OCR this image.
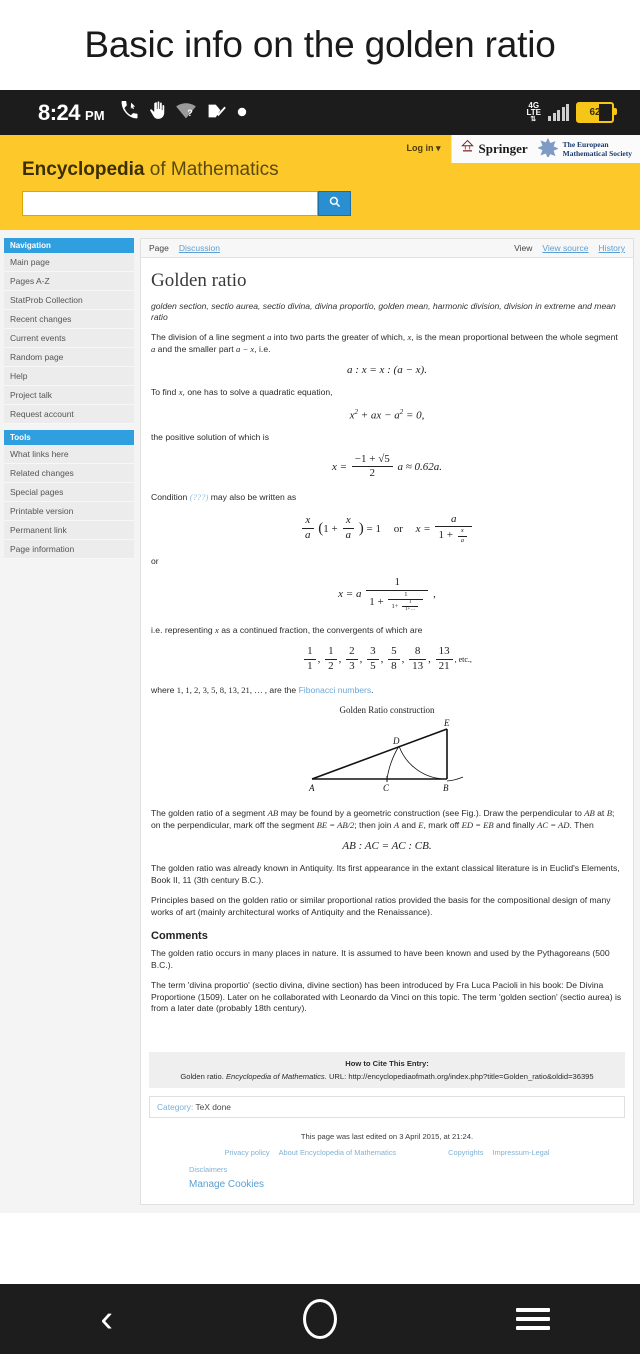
Basic info on the golden ratio
8:24 PM	?
4G
LTE
⇅
62
Log in ▾	Springer	The European
Mathematical Society
Encyclopedia of Mathematics
Navigation
Main page
Pages A-Z
StatProb Collection
Recent changes
Current events
Random page
Help
Project talk
Request account
Tools
What links here
Related changes
Special pages
Printable version
Permanent link
Page information
Page Discussion	View View source History
Golden ratio
golden section, sectio aurea, sectio divina, divina proportio, golden mean, harmonic division, division in extreme and mean ratio
The division of a line segment a into two parts the greater of which, x, is the mean proportional between the whole segment a and the smaller part a − x, i.e.
a : x = x : (a − x).
To find x, one has to solve a quadratic equation,
$x^2$ + ax − $a^2 = 0$,
the positive solution of which is
$x = \frac{-1 + √5}{2}$ a ≈ 0.62a.
Condition (???) may also be written as
$\frac{x}{a} (1 + \frac{x}{a}$ ) = 1 or $x = \frac{a}{1 + \frac{x}{a}}$
or
x = a
1
1 +
1
$1+ \frac{1}{1+\dots}$
,
i.e. representing x as a continued fraction, the convergents of which are
$\frac{1}{1}$ , $\frac{1}{2}$ , $\frac{2}{3}$ , $\frac{3}{5}$ , $\frac{5}{8}$ , $\frac{8}{13}$ , $\frac{13}{21}$ , etc.,
where 1, 1, 2, 3, 5, 8, 13, 21, … , are the Fibonacci numbers.
Golden Ratio construction
A	C	B
D
E
The golden ratio of a segment AB may be found by a geometric construction (see Fig.). Draw the perpendicular to AB at B; on the perpendicular, mark off the segment BE = AB/2; then join A and E, mark off ED = EB and finally AC = AD. Then
AB : AC = AC : CB.
The golden ratio was already known in Antiquity. Its first appearance in the extant classical literature is in Euclid's Elements, Book II, 11 (3th century B.C.).
Principles based on the golden ratio or similar proportional ratios provided the basis for the compositional design of many works of art (mainly architectural works of Antiquity and the Renaissance).
Comments
The golden ratio occurs in many places in nature. It is assumed to have been known and used by the Pythagoreans (500 B.C.).
The term 'divina proportio' (sectio divina, divine section) has been introduced by Fra Luca Pacioli in his book: De Divina Proportione (1509). Later on he collaborated with Leonardo da Vinci on this topic. The term 'golden section' (sectio aurea) is from a later date (probably 18th century).
How to Cite This Entry:
Golden ratio. Encyclopedia of Mathematics. URL: http://encyclopediaofmath.org/index.php?title=Golden_ratio&oldid=36395
Category: TeX done
This page was last edited on 3 April 2015, at 21:24.
Privacy policy About Encyclopedia of Mathematics	Copyrights Impressum-Legal
Disclaimers
Manage Cookies
‹
